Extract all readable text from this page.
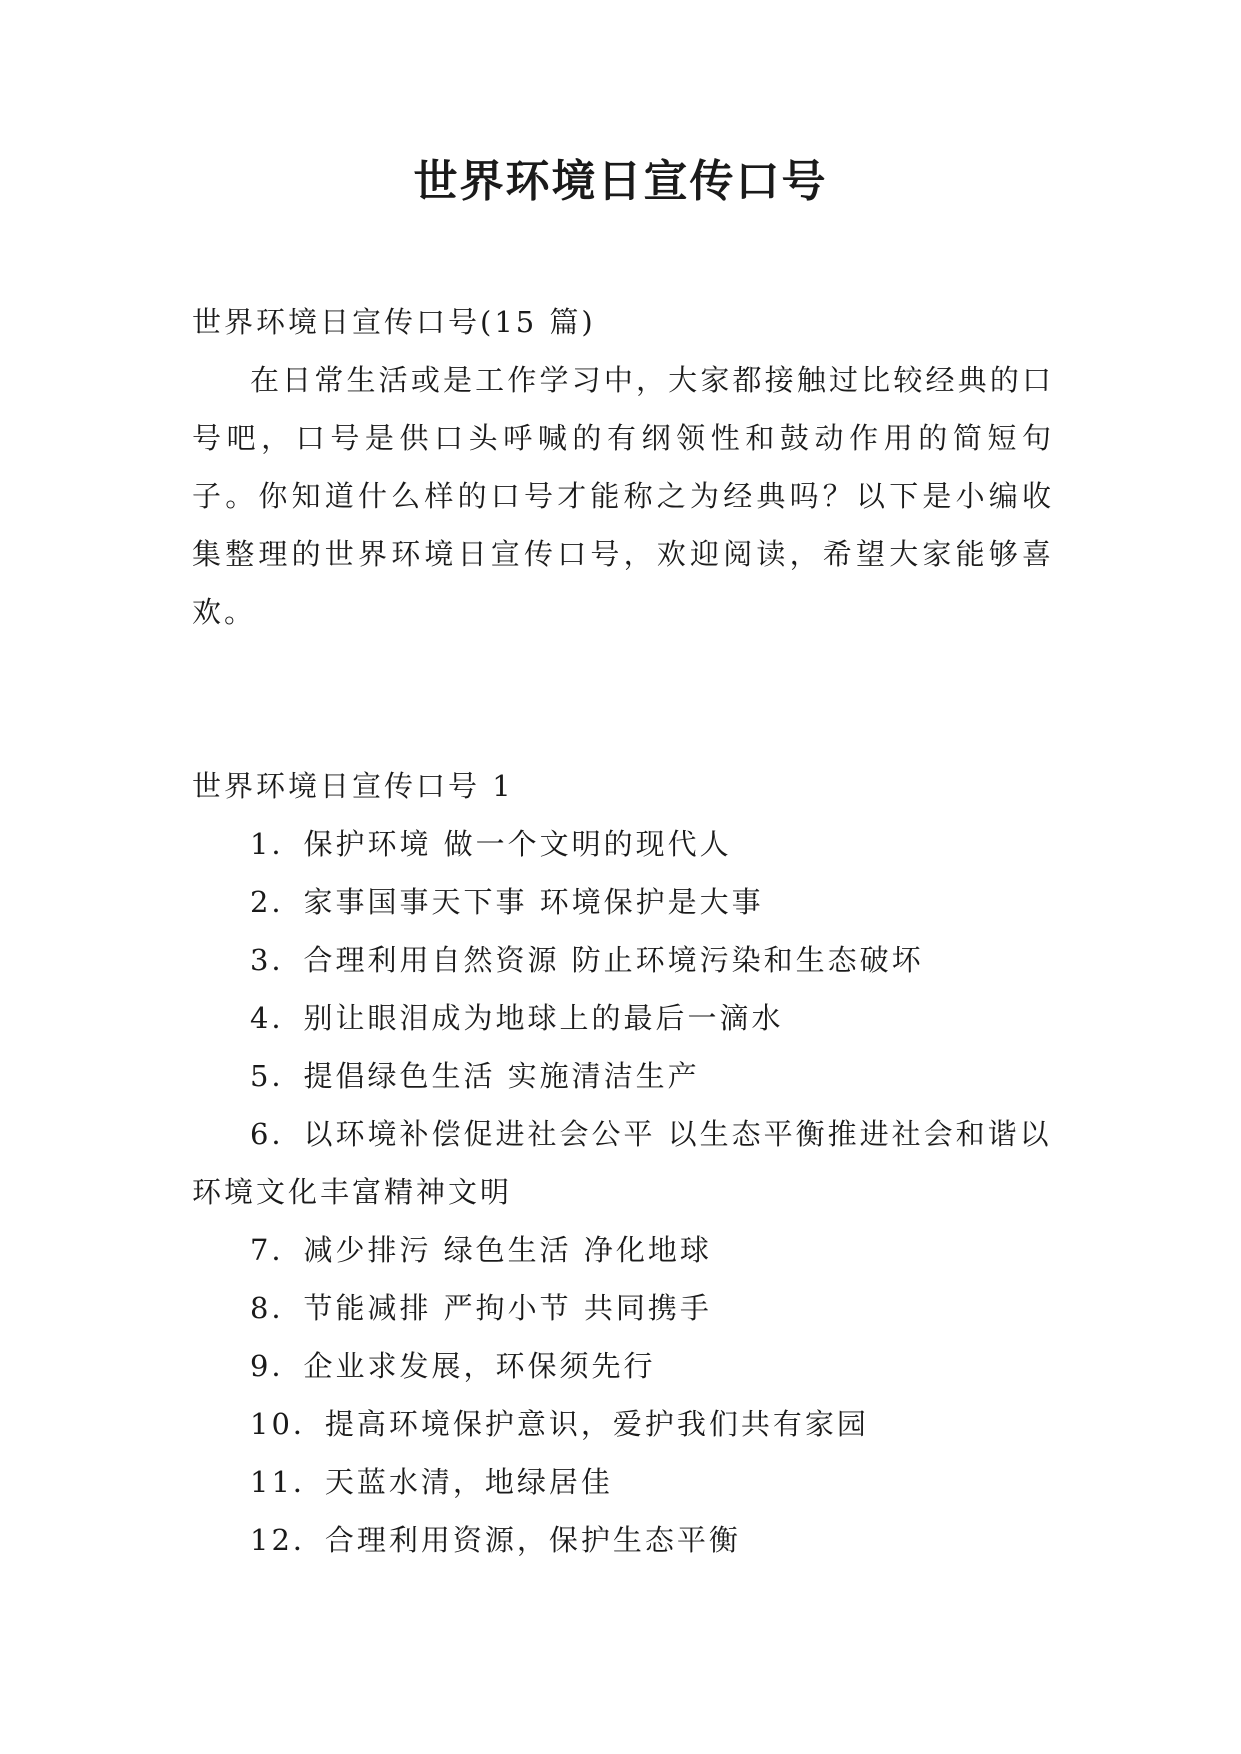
世界环境日宣传口号

世界环境日宣传口号(15 篇)

在日常生活或是工作学习中，大家都接触过比较经典的口号吧，口号是供口头呼喊的有纲领性和鼓动作用的简短句子。你知道什么样的口号才能称之为经典吗？以下是小编收集整理的世界环境日宣传口号，欢迎阅读，希望大家能够喜欢。

世界环境日宣传口号 1

1．保护环境 做一个文明的现代人

2．家事国事天下事 环境保护是大事

3．合理利用自然资源 防止环境污染和生态破坏

4．别让眼泪成为地球上的最后一滴水

5．提倡绿色生活 实施清洁生产

6．以环境补偿促进社会公平 以生态平衡推进社会和谐以环境文化丰富精神文明

7．减少排污 绿色生活 净化地球

8．节能减排 严拘小节 共同携手

9．企业求发展，环保须先行

10．提高环境保护意识，爱护我们共有家园

11．天蓝水清，地绿居佳

12．合理利用资源，保护生态平衡
